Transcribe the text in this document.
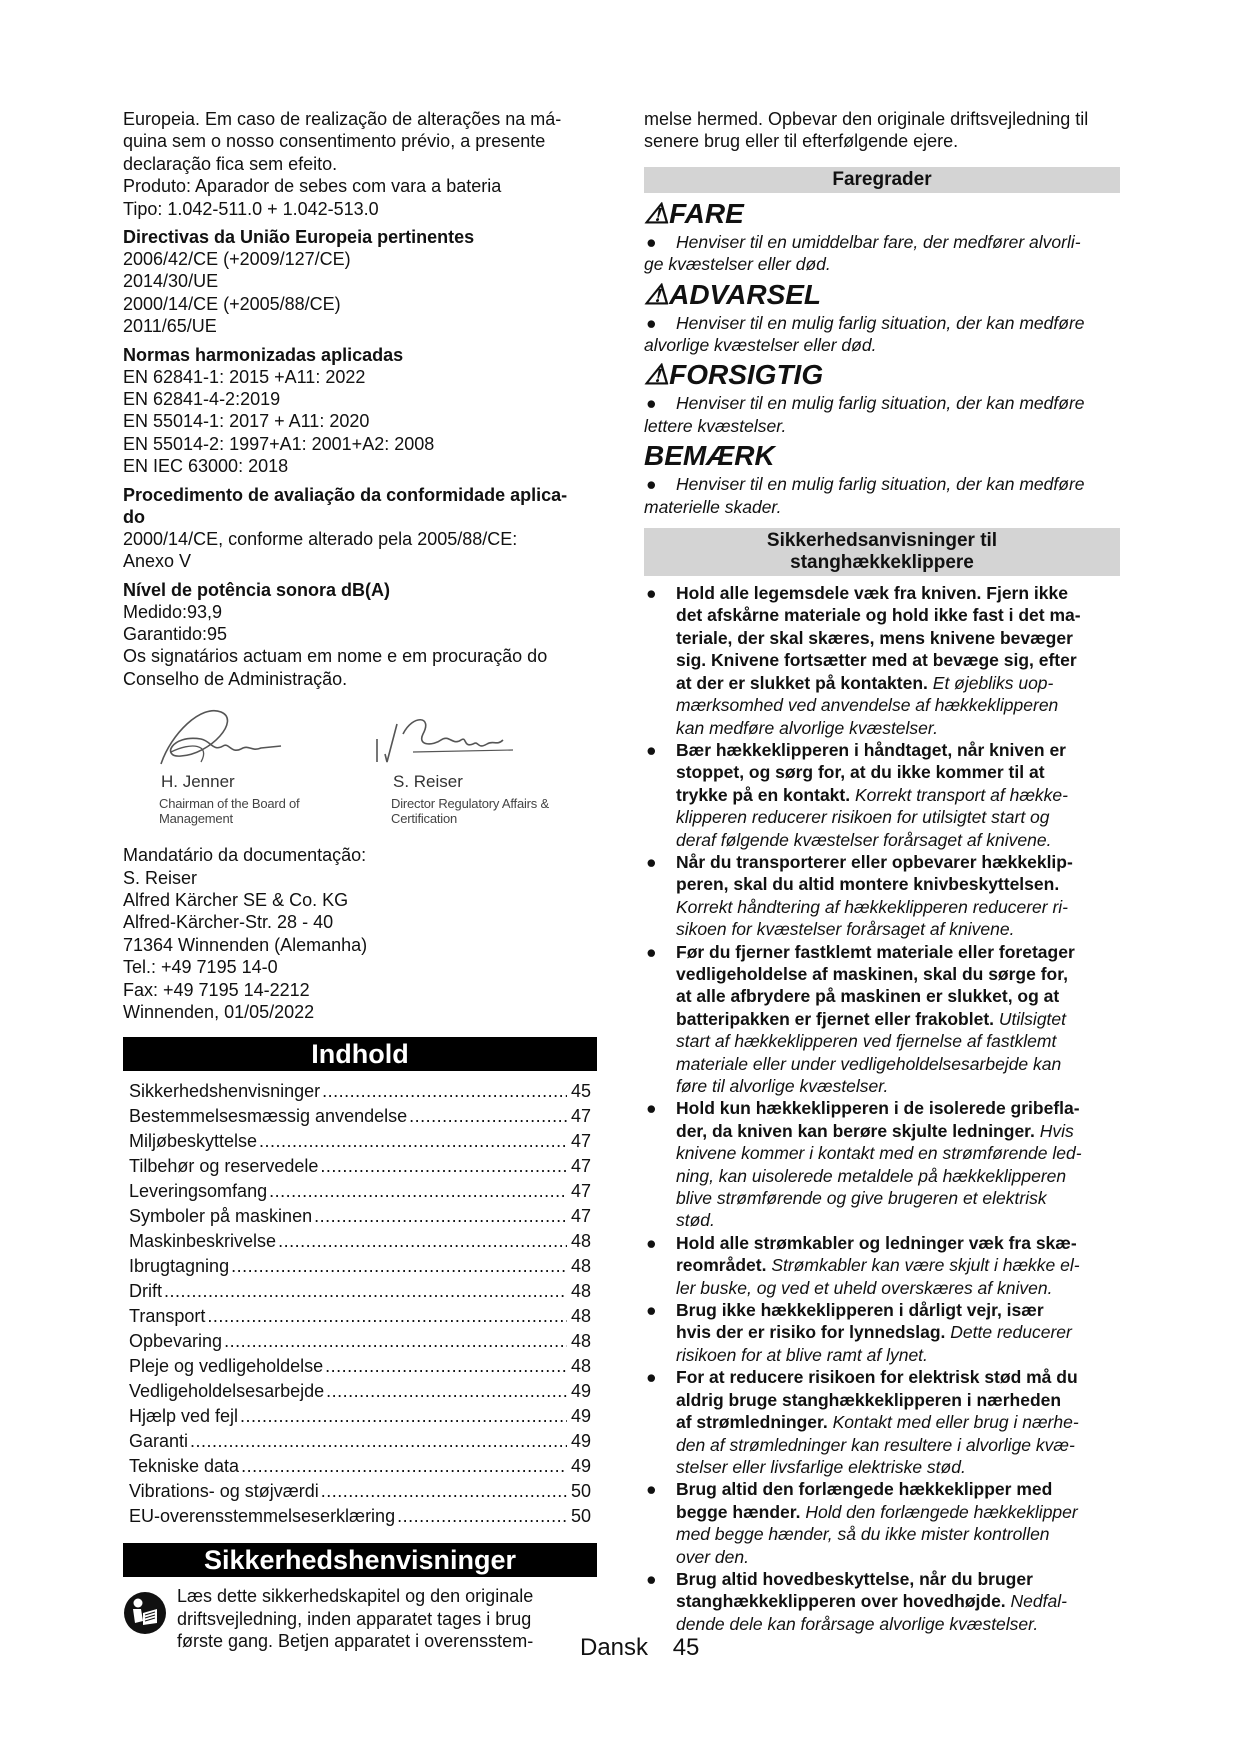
Europeia. Em caso de realização de alterações na má-
quina sem o nosso consentimento prévio, a presente
declaração fica sem efeito.
Produto: Aparador de sebes com vara a bateria
Tipo: 1.042-511.0 + 1.042-513.0
Directivas da União Europeia pertinentes
2006/42/CE (+2009/127/CE)
2014/30/UE
2000/14/CE (+2005/88/CE)
2011/65/UE
Normas harmonizadas aplicadas
EN 62841-1: 2015 +A11: 2022
EN 62841-4-2:2019
EN 55014-1: 2017 + A11: 2020
EN 55014-2: 1997+A1: 2001+A2: 2008
EN IEC 63000: 2018
Procedimento de avaliação da conformidade aplica-
do
2000/14/CE, conforme alterado pela 2005/88/CE:
Anexo V
Nível de potência sonora dB(A)
Medido:93,9
Garantido:95
Os signatários actuam em nome e em procuração do
Conselho de Administração.
H. Jenner
Chairman of the Board of Management
S. Reiser
Director Regulatory Affairs & Certification
Mandatário da documentação:
S. Reiser
Alfred Kärcher SE & Co. KG
Alfred-Kärcher-Str. 28 - 40
71364 Winnenden (Alemanha)
Tel.: +49 7195 14-0
Fax: +49 7195 14-2212
Winnenden, 01/05/2022
Indhold
Sikkerhedshenvisninger .....	45
Bestemmelsesmæssig anvendelse .....	47
Miljøbeskyttelse .....	47
Tilbehør og reservedele .....	47
Leveringsomfang .....	47
Symboler på maskinen .....	47
Maskinbeskrivelse .....	48
Ibrugtagning .....	48
Drift .....	48
Transport .....	48
Opbevaring .....	48
Pleje og vedligeholdelse .....	48
Vedligeholdelsesarbejde .....	49
Hjælp ved fejl .....	49
Garanti .....	49
Tekniske data .....	49
Vibrations- og støjværdi .....	50
EU-overensstemmelseserklæring .....	50
Sikkerhedshenvisninger
Læs dette sikkerhedskapitel og den originale
driftsvejledning, inden apparatet tages i brug
første gang. Betjen apparatet i overensstem-
melse hermed. Opbevar den originale driftsvejledning til
senere brug eller til efterfølgende ejere.
Faregrader
⚠FARE
●	Henviser til en umiddelbar fare, der medfører alvorli-
ge kvæstelser eller død.
⚠ADVARSEL
●	Henviser til en mulig farlig situation, der kan medføre
alvorlige kvæstelser eller død.
⚠FORSIGTIG
●	Henviser til en mulig farlig situation, der kan medføre
lettere kvæstelser.
BEMÆRK
●	Henviser til en mulig farlig situation, der kan medføre
materielle skader.
Sikkerhedsanvisninger til
stanghækkeklippere
●	Hold alle legemsdele væk fra kniven. Fjern ikke
det afskårne materiale og hold ikke fast i det ma-
teriale, der skal skæres, mens knivene bevæger
sig. Knivene fortsætter med at bevæge sig, efter
at der er slukket på kontakten. Et øjebliks uop-
mærksomhed ved anvendelse af hækkeklipperen
kan medføre alvorlige kvæstelser.
●	Bær hækkeklipperen i håndtaget, når kniven er
stoppet, og sørg for, at du ikke kommer til at
trykke på en kontakt. Korrekt transport af hække-
klipperen reducerer risikoen for utilsigtet start og
deraf følgende kvæstelser forårsaget af knivene.
●	Når du transporterer eller opbevarer hækkeklip-
peren, skal du altid montere knivbeskyttelsen.
Korrekt håndtering af hækkeklipperen reducerer ri-
sikoen for kvæstelser forårsaget af knivene.
●	Før du fjerner fastklemt materiale eller foretager
vedligeholdelse af maskinen, skal du sørge for,
at alle afbrydere på maskinen er slukket, og at
batteripakken er fjernet eller frakoblet. Utilsigtet
start af hækkeklipperen ved fjernelse af fastklemt
materiale eller under vedligeholdelsesarbejde kan
føre til alvorlige kvæstelser.
●	Hold kun hækkeklipperen i de isolerede gribefla-
der, da kniven kan berøre skjulte ledninger. Hvis
knivene kommer i kontakt med en strømførende led-
ning, kan uisolerede metaldele på hækkeklipperen
blive strømførende og give brugeren et elektrisk
stød.
●	Hold alle strømkabler og ledninger væk fra skæ-
reområdet. Strømkabler kan være skjult i hække el-
ler buske, og ved et uheld overskæres af kniven.
●	Brug ikke hækkeklipperen i dårligt vejr, især
hvis der er risiko for lynnedslag. Dette reducerer
risikoen for at blive ramt af lynet.
●	For at reducere risikoen for elektrisk stød må du
aldrig bruge stanghækkeklipperen i nærheden
af strømledninger. Kontakt med eller brug i nærhe-
den af strømledninger kan resultere i alvorlige kvæ-
stelser eller livsfarlige elektriske stød.
●	Brug altid den forlængede hækkeklipper med
begge hænder. Hold den forlængede hækkeklipper
med begge hænder, så du ikke mister kontrollen
over den.
●	Brug altid hovedbeskyttelse, når du bruger
stanghækkeklipperen over hovedhøjde. Nedfal-
dende dele kan forårsage alvorlige kvæstelser.
Dansk 45
